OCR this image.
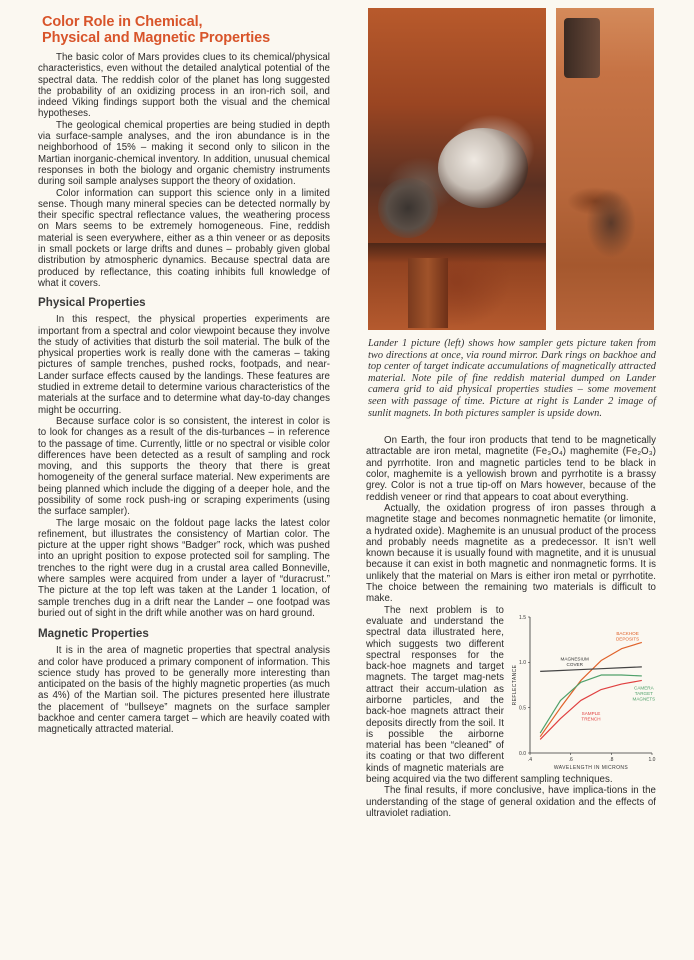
Color Role in Chemical,
Physical and Magnetic Properties

The basic color of Mars provides clues to its chemical/physical characteristics, even without the detailed analytical potential of the spectral data. The reddish color of the planet has long suggested the probability of an oxidizing process in an iron-rich soil, and indeed Viking findings support both the visual and the chemical hypotheses.

The geological chemical properties are being studied in depth via surface-sample analyses, and the iron abundance is in the neighborhood of 15% – making it second only to silicon in the Martian inorganic-chemical inventory. In addition, unusual chemical responses in both the biology and organic chemistry instruments during soil sample analyses support the theory of oxidation.

Color information can support this science only in a limited sense. Though many mineral species can be detected normally by their specific spectral reflectance values, the weathering process on Mars seems to be extremely homogeneous. Fine, reddish material is seen everywhere, either as a thin veneer or as deposits in small pockets or large drifts and dunes – probably given global distribution by atmospheric dynamics. Because spectral data are produced by reflectance, this coating inhibits full knowledge of what it covers.

Physical Properties

In this respect, the physical properties experiments are important from a spectral and color viewpoint because they involve the study of activities that disturb the soil material. The bulk of the physical properties work is really done with the cameras – taking pictures of sample trenches, pushed rocks, footpads, and near-Lander surface effects caused by the landings. These features are studied in extreme detail to determine various characteristics of the materials at the surface and to determine what day-to-day changes might be occurring.

Because surface color is so consistent, the interest in color is to look for changes as a result of the dis-turbances – in reference to the passage of time. Currently, little or no spectral or visible color differences have been detected as a result of sampling and rock moving, and this supports the theory that there is great homogeneity of the general surface material. New experiments are being planned which include the digging of a deeper hole, and the possibility of some rock push-ing or scraping experiments (using the surface sampler).

The large mosaic on the foldout page lacks the latest color refinement, but illustrates the consistency of Martian color. The picture at the upper right shows “Badger” rock, which was pushed into an upright position to expose protected soil for sampling. The trenches to the right were dug in a crustal area called Bonneville, where samples were acquired from under a layer of “duracrust.” The picture at the top left was taken at the Lander 1 location, of sample trenches dug in a drift near the Lander – one footpad was buried out of sight in the drift while another was on hard ground.

Magnetic Properties

It is in the area of magnetic properties that spectral analysis and color have produced a primary component of information. This science study has proved to be generally more interesting than anticipated on the basis of the highly magnetic properties (as much as 4%) of the Martian soil. The pictures presented here illustrate the placement of “bullseye” magnets on the surface sampler backhoe and center camera target – which are heavily coated with magnetically attracted material.

Lander 1 picture (left) shows how sampler gets picture taken from two directions at once, via round mirror. Dark rings on backhoe and top center of target indicate accumulations of magnetically attracted material. Note pile of fine reddish material dumped on Lander camera grid to aid physical properties studies – some movement seen with passage of time. Picture at right is Lander 2 image of sunlit magnets. In both pictures sampler is upside down.

On Earth, the four iron products that tend to be magnetically attractable are iron metal, magnetite (Fe₃O₄) maghemite (Fe₂O₃) and pyrrhotite. Iron and magnetic particles tend to be black in color, maghemite is a yellowish brown and pyrrhotite is a brassy grey. Color is not a true tip-off on Mars however, because of the reddish veneer or rind that appears to coat about everything.

Actually, the oxidation progress of iron passes through a magnetite stage and becomes nonmagnetic hematite (or limonite, a hydrated oxide). Maghemite is an unusual product of the process and probably needs magnetite as a predecessor. It isn’t well known because it is usually found with magnetite, and it is unusual because it can exist in both magnetic and nonmagnetic forms. It is unlikely that the material on Mars is either iron metal or pyrrhotite. The choice between the remaining two materials is difficult to make.

0.0
0.5
1.0
1.5
.4	.6	.8	1.0
WAVELENGTH IN MICRONS
REFLECTANCE
BACKHOE
DEPOSITS
MAGNESIUM
COVER
CAMERA
TARGET
MAGNETS
SAMPLE
TRENCH

The next problem is to evaluate and understand the spectral data illustrated here, which suggests two different spectral responses for the back-hoe magnets and target magnets. The target mag-nets attract their accum-ulation as airborne particles, and the back-hoe magnets attract their deposits directly from the soil. It is possible the airborne material has been “cleaned” of its coating or that two different kinds of magnetic materials are being acquired via the two different sampling techniques.

The final results, if more conclusive, have implica-tions in the understanding of the stage of general oxidation and the effects of ultraviolet radiation.
